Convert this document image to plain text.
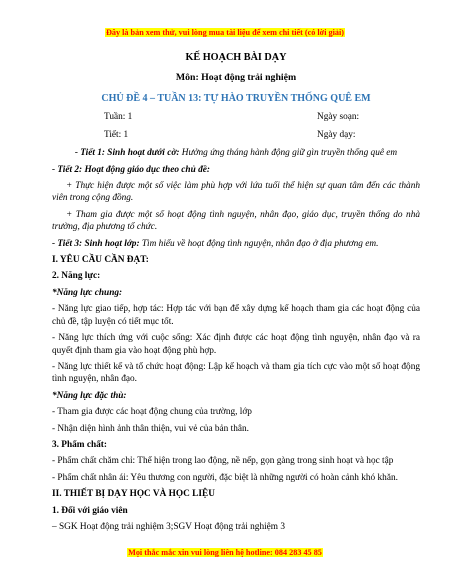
Đây là bản xem thử, vui lòng mua tài liệu để xem chi tiết (có lời giải)
KẾ HOẠCH BÀI DẠY
Môn: Hoạt động trải nghiệm
CHỦ ĐỀ 4 – TUẦN 13: TỰ HÀO TRUYỀN THỐNG QUÊ EM
Tuần: 1	Ngày soạn:
Tiết: 1	Ngày dạy:

- Tiết 1: Sinh hoạt dưới cờ: Hưởng ứng tháng hành động giữ gìn truyền thống quê em

- Tiết 2: Hoạt động giáo dục theo chủ đề:

+ Thực hiện được một số việc làm phù hợp với lứa tuổi thể hiện sự quan tâm đến các thành viên trong cộng đồng.

+ Tham gia được một số hoạt động tình nguyện, nhân đạo, giáo dục, truyền thống do nhà trường, địa phương tổ chức.

- Tiết 3: Sinh hoạt lớp: Tìm hiểu về hoạt động tình nguyện, nhân đạo ở địa phương em.

I. YÊU CẦU CẦN ĐẠT:

2. Năng lực:

*Năng lực chung:

- Năng lực giao tiếp, hợp tác: Hợp tác với bạn để xây dựng kế hoạch tham gia các hoạt động của chủ đề, tập luyện có tiết mục tốt.

- Năng lực thích ứng với cuộc sống: Xác định được các hoạt động tình nguyện, nhân đạo và ra quyết định tham gia vào hoạt động phù hợp.

- Năng lực thiết kế và tổ chức hoạt động: Lập kế hoạch và tham gia tích cực vào một số hoạt động tình nguyện, nhân đạo.

*Năng lực đặc thù:

- Tham gia được các hoạt động chung của trường, lớp

- Nhận diện hình ảnh thân thiện, vui vẻ của bản thân.

3. Phẩm chất:

- Phẩm chất chăm chỉ: Thể hiện trong lao động, nề nếp, gọn gàng trong sinh hoạt và học tập

- Phẩm chất nhân ái: Yêu thương con người, đặc biệt là những người có hoàn cảnh khó khăn.

II. THIẾT BỊ DẠY HỌC VÀ HỌC LIỆU

1. Đối với giáo viên

– SGK Hoạt động trải nghiệm 3;SGV Hoạt động trải nghiệm 3

Mọi thắc mắc xin vui lòng liên hệ hotline: 084 283 45 85
